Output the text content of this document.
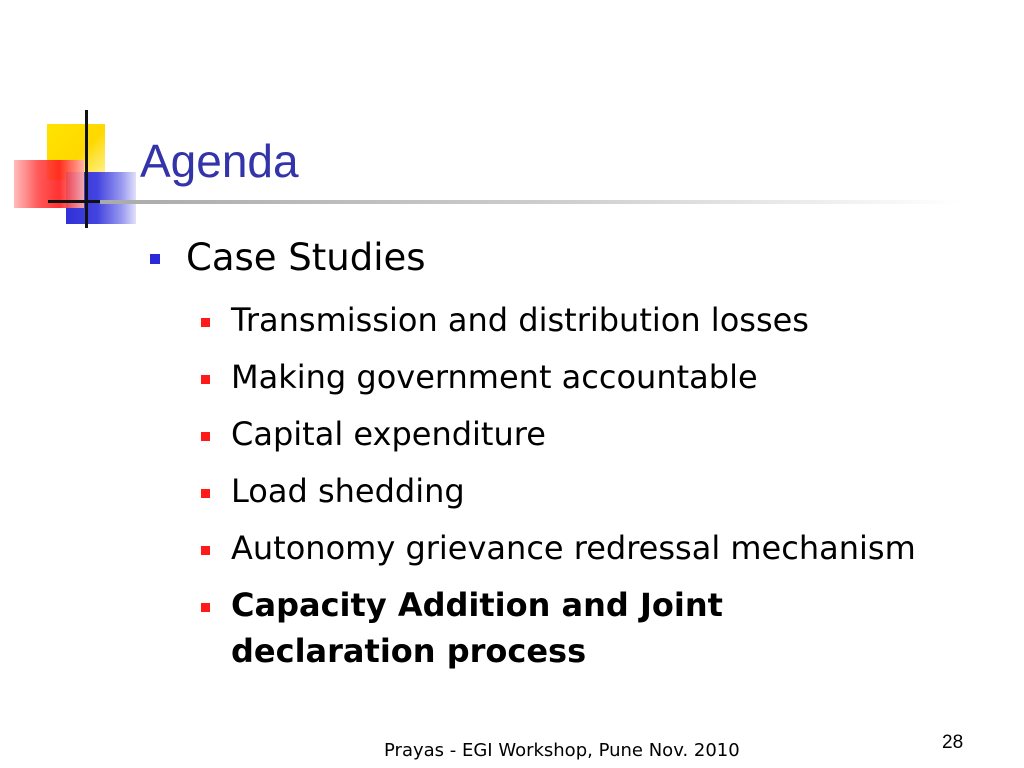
Agenda
Case Studies
Transmission and distribution losses
Making government accountable
Capital expenditure
Load shedding
Autonomy grievance redressal mechanism
Capacity Addition and Joint declaration process
Prayas - EGI Workshop, Pune Nov. 2010	28
